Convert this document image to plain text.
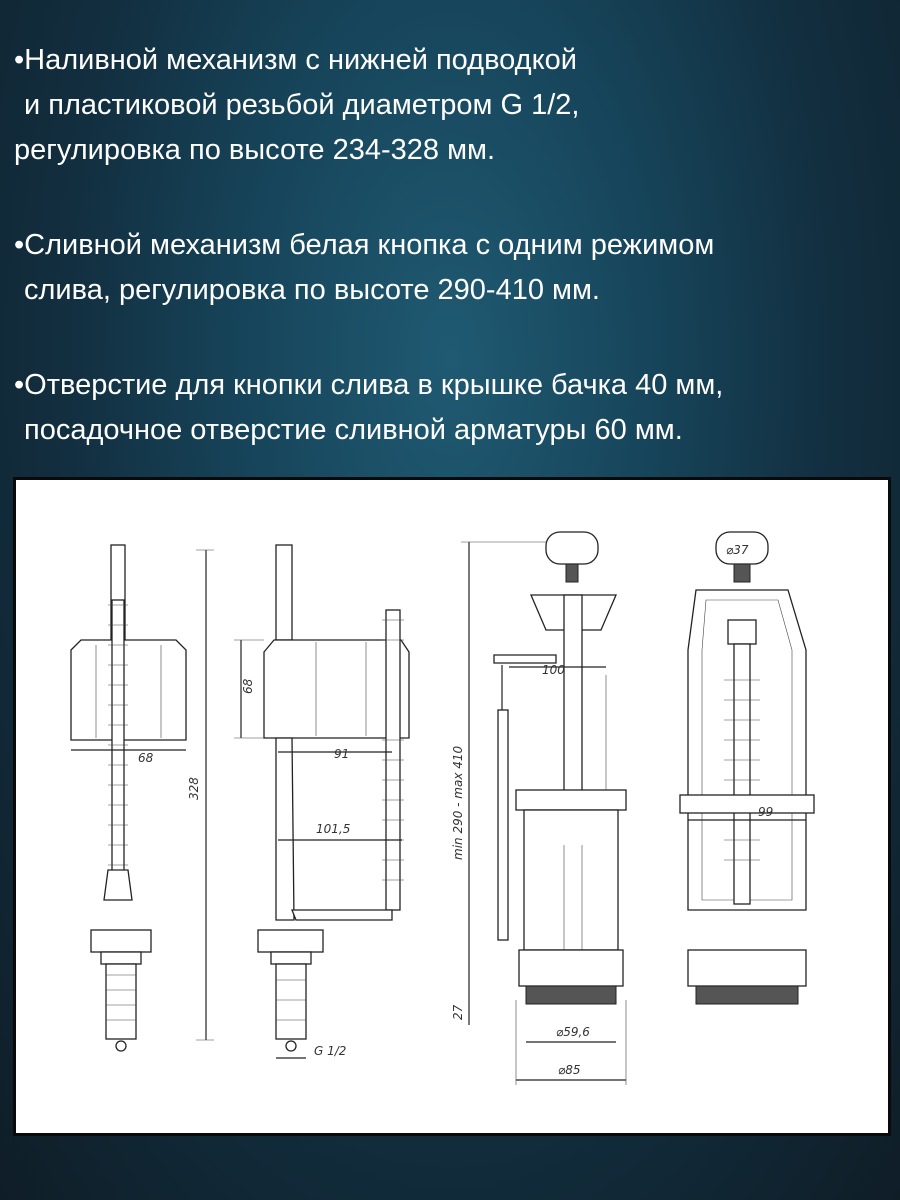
•Наливной механизм с нижней подводкой
и пластиковой резьбой диаметром G 1/2,
регулировка по высоте 234-328 мм.
•Сливной механизм белая кнопка с одним режимом
слива, регулировка по высоте 290-410 мм.
•Отверстие для кнопки слива в крышке бачка 40 мм,
посадочное отверстие сливной арматуры 60 мм.
68
328
68
91
101,5
G 1/2
100
min 290 - max 410
27
⌀59,6
⌀85
⌀37
99
